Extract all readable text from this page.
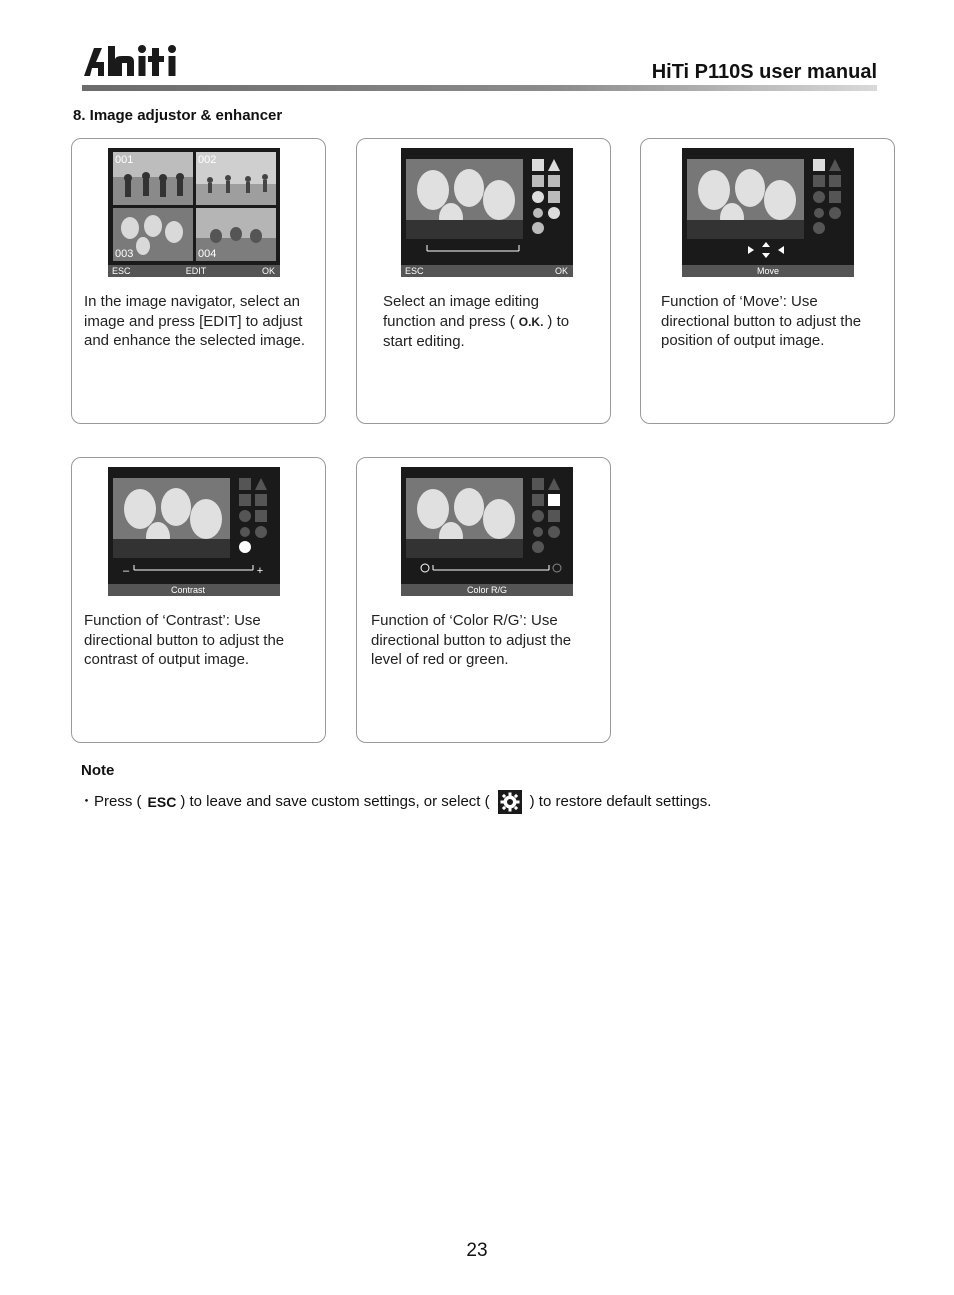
HiTi P110S user manual
8. Image adjustor & enhancer
001	002
003	004
ESC	EDIT	OK
In the image navigator, select an
image and press [EDIT] to adjust
and enhance the selected image.
ESC	OK
Select an image editing
function and press ( O.K. ) to
start editing.
Move
Function of ‘Move’: Use
directional button to adjust the
position of output image.
–	+
Contrast
Function of ‘Contrast’: Use
directional button to adjust the
contrast of output image.
Color R/G
Function of ‘Color R/G’: Use
directional button to adjust the
level of red or green.
Note
・ Press ( ESC ) to leave and save custom settings, or select (	) to restore default settings.
23
